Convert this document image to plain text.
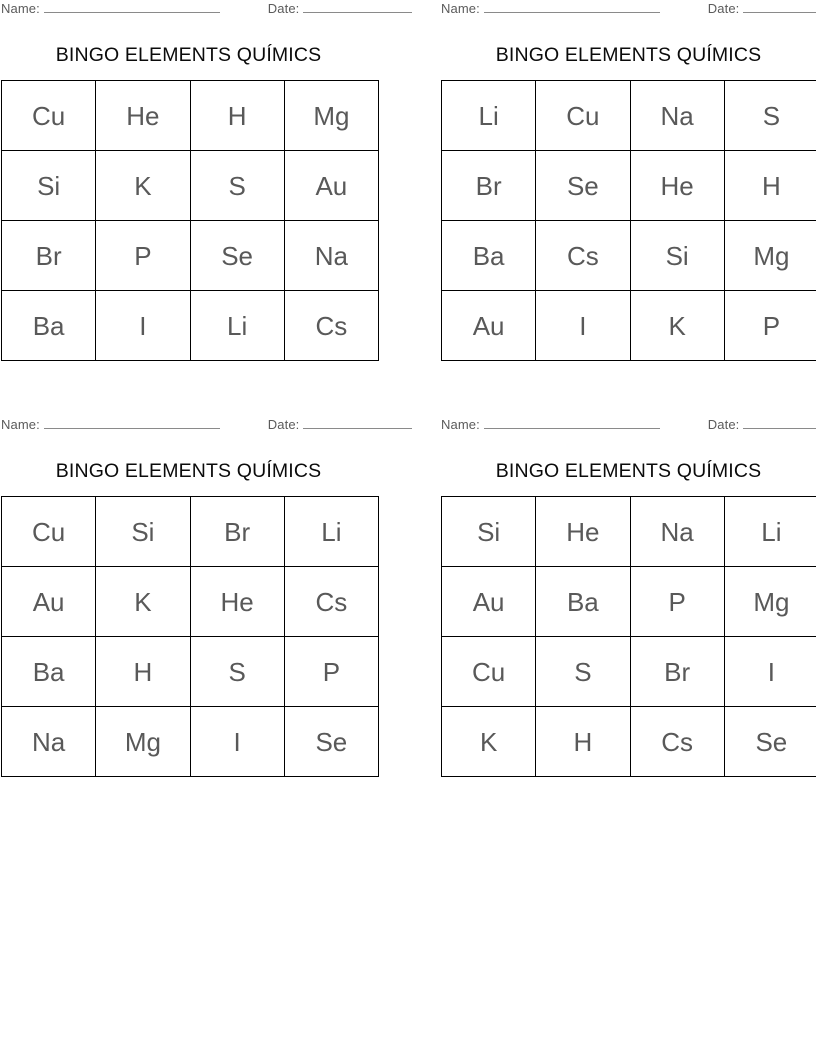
Name:	Date:
BINGO ELEMENTS QUÍMICS
Cu	He	H	Mg
Si	K	S	Au
Br	P	Se	Na
Ba	I	Li	Cs
Name:	Date:
BINGO ELEMENTS QUÍMICS
Li	Cu	Na	S
Br	Se	He	H
Ba	Cs	Si	Mg
Au	I	K	P
Name:	Date:
BINGO ELEMENTS QUÍMICS
Cu	Si	Br	Li
Au	K	He	Cs
Ba	H	S	P
Na	Mg	I	Se
Name:	Date:
BINGO ELEMENTS QUÍMICS
Si	He	Na	Li
Au	Ba	P	Mg
Cu	S	Br	I
K	H	Cs	Se
